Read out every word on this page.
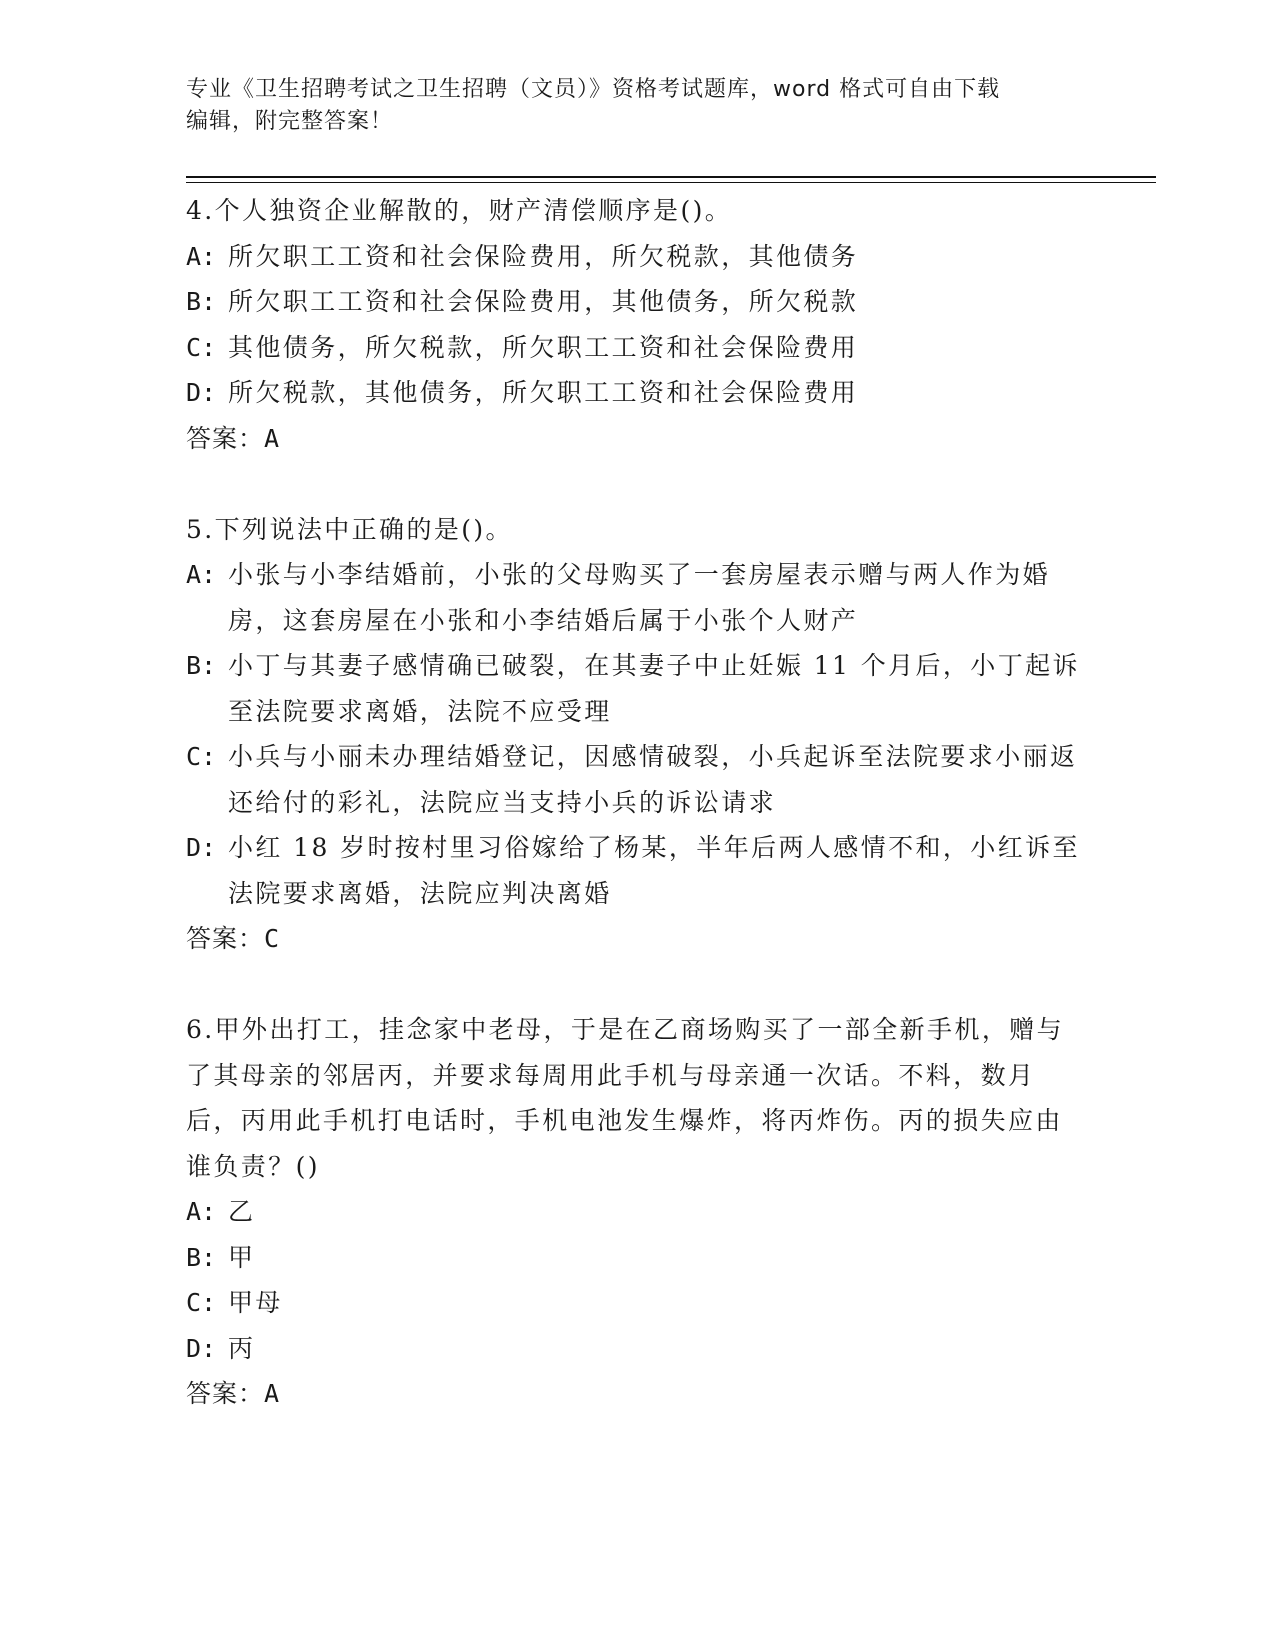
专业《卫生招聘考试之卫生招聘（文员）》资格考试题库，word 格式可自由下载
编辑，附完整答案！

4.个人独资企业解散的，财产清偿顺序是()。

A: 所欠职工工资和社会保险费用，所欠税款，其他债务
B: 所欠职工工资和社会保险费用，其他债务，所欠税款
C: 其他债务，所欠税款，所欠职工工资和社会保险费用
D: 所欠税款，其他债务，所欠职工工资和社会保险费用

答案：A

5.下列说法中正确的是()。

A: 小张与小李结婚前，小张的父母购买了一套房屋表示赠与两人作为婚房，这套房屋在小张和小李结婚后属于小张个人财产
B: 小丁与其妻子感情确已破裂，在其妻子中止妊娠 11 个月后，小丁起诉至法院要求离婚，法院不应受理
C: 小兵与小丽未办理结婚登记，因感情破裂，小兵起诉至法院要求小丽返还给付的彩礼，法院应当支持小兵的诉讼请求
D: 小红 18 岁时按村里习俗嫁给了杨某，半年后两人感情不和，小红诉至法院要求离婚，法院应判决离婚

答案：C

6.甲外出打工，挂念家中老母，于是在乙商场购买了一部全新手机，赠与了其母亲的邻居丙，并要求每周用此手机与母亲通一次话。不料，数月后，丙用此手机打电话时，手机电池发生爆炸，将丙炸伤。丙的损失应由谁负责？()

A: 乙
B: 甲
C: 甲母
D: 丙

答案：A
